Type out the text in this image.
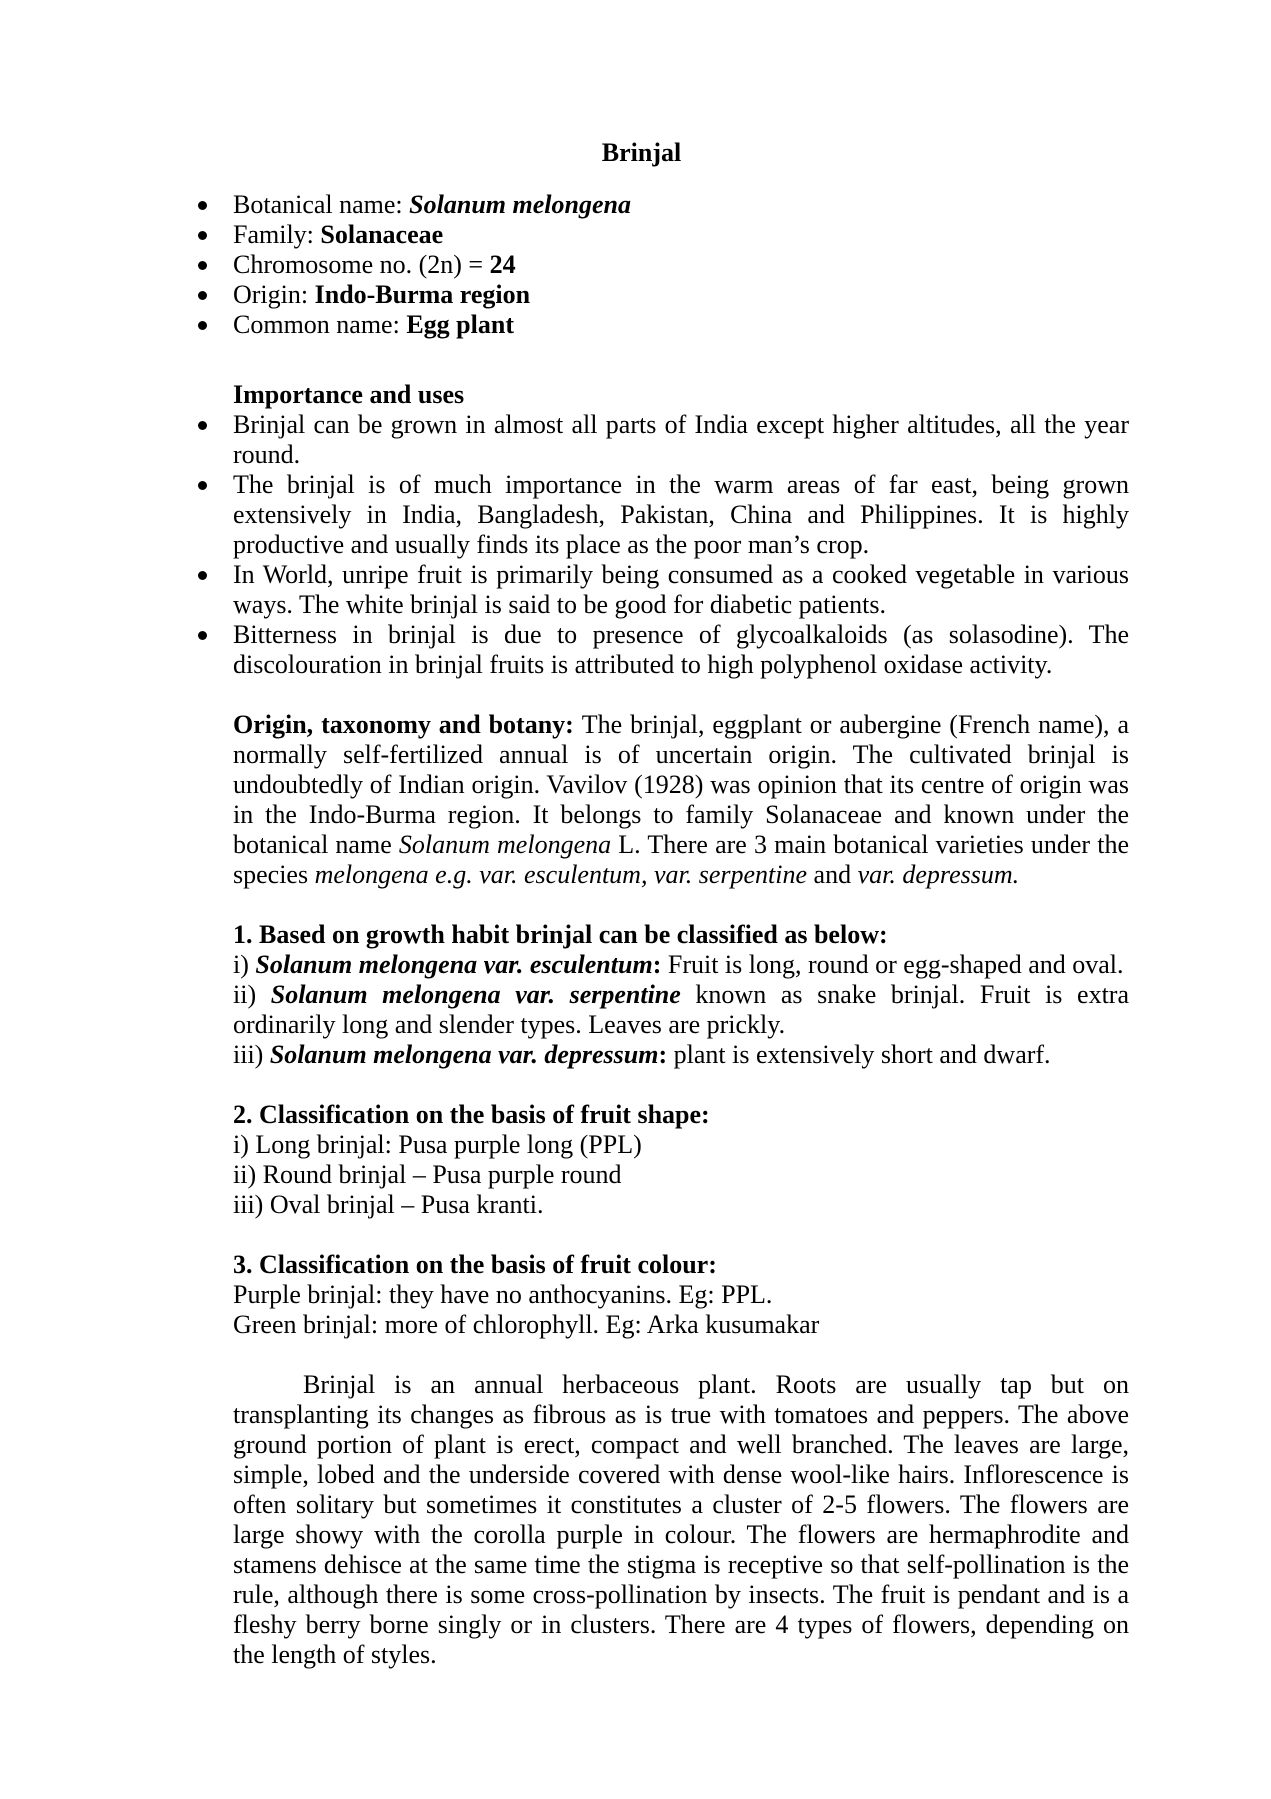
Brinjal
Botanical name: Solanum melongena
Family: Solanaceae
Chromosome no. (2n) = 24
Origin: Indo-Burma region
Common name: Egg plant
Importance and uses
Brinjal can be grown in almost all parts of India except higher altitudes, all the year round.
The brinjal is of much importance in the warm areas of far east, being grown extensively in India, Bangladesh, Pakistan, China and Philippines. It is highly productive and usually finds its place as the poor man’s crop.
In World, unripe fruit is primarily being consumed as a cooked vegetable in various ways. The white brinjal is said to be good for diabetic patients.
Bitterness in brinjal is due to presence of glycoalkaloids (as solasodine). The discolouration in brinjal fruits is attributed to high polyphenol oxidase activity.
Origin, taxonomy and botany: The brinjal, eggplant or aubergine (French name), a normally self-fertilized annual is of uncertain origin. The cultivated brinjal is undoubtedly of Indian origin. Vavilov (1928) was opinion that its centre of origin was in the Indo-Burma region. It belongs to family Solanaceae and known under the botanical name Solanum melongena L. There are 3 main botanical varieties under the species melongena e.g. var. esculentum, var. serpentine and var. depressum.
1. Based on growth habit brinjal can be classified as below:
i) Solanum melongena var. esculentum: Fruit is long, round or egg-shaped and oval.
ii) Solanum melongena var. serpentine known as snake brinjal. Fruit is extra ordinarily long and slender types. Leaves are prickly.
iii) Solanum melongena var. depressum: plant is extensively short and dwarf.
2. Classification on the basis of fruit shape:
i) Long brinjal: Pusa purple long (PPL)
ii) Round brinjal – Pusa purple round
iii) Oval brinjal – Pusa kranti.
3. Classification on the basis of fruit colour:
Purple brinjal: they have no anthocyanins. Eg: PPL.
Green brinjal: more of chlorophyll. Eg: Arka kusumakar
Brinjal is an annual herbaceous plant. Roots are usually tap but on transplanting its changes as fibrous as is true with tomatoes and peppers. The above ground portion of plant is erect, compact and well branched. The leaves are large, simple, lobed and the underside covered with dense wool-like hairs. Inflorescence is often solitary but sometimes it constitutes a cluster of 2-5 flowers. The flowers are large showy with the corolla purple in colour. The flowers are hermaphrodite and stamens dehisce at the same time the stigma is receptive so that self-pollination is the rule, although there is some cross-pollination by insects. The fruit is pendant and is a fleshy berry borne singly or in clusters. There are 4 types of flowers, depending on the length of styles.
